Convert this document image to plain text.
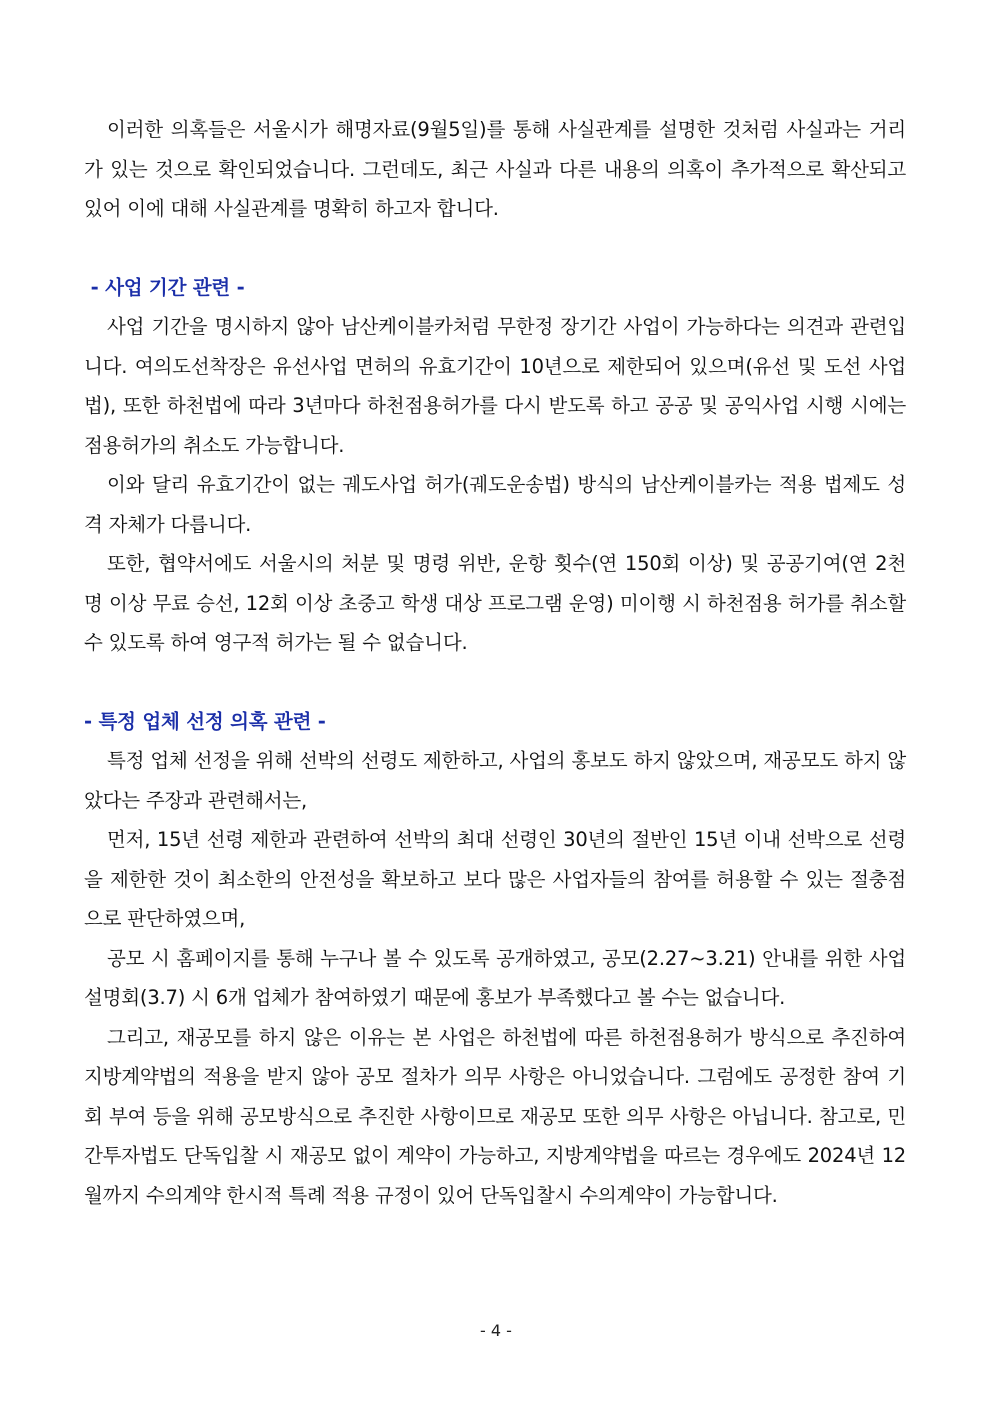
이러한 의혹들은 서울시가 해명자료(9월5일)를 통해 사실관계를 설명한 것처럼 사실과는 거리가 있는 것으로 확인되었습니다. 그런데도, 최근 사실과 다른 내용의 의혹이 추가적으로 확산되고 있어 이에 대해 사실관계를 명확히 하고자 합니다.

- 사업 기간 관련 -

사업 기간을 명시하지 않아 남산케이블카처럼 무한정 장기간 사업이 가능하다는 의견과 관련입니다. 여의도선착장은 유선사업 면허의 유효기간이 10년으로 제한되어 있으며(유선 및 도선 사업법), 또한 하천법에 따라 3년마다 하천점용허가를 다시 받도록 하고 공공 및 공익사업 시행 시에는 점용허가의 취소도 가능합니다.

이와 달리 유효기간이 없는 궤도사업 허가(궤도운송법) 방식의 남산케이블카는 적용 법제도 성격 자체가 다릅니다.

또한, 협약서에도 서울시의 처분 및 명령 위반, 운항 횟수(연 150회 이상) 및 공공기여(연 2천 명 이상 무료 승선, 12회 이상 초중고 학생 대상 프로그램 운영) 미이행 시 하천점용 허가를 취소할 수 있도록 하여 영구적 허가는 될 수 없습니다.

- 특정 업체 선정 의혹 관련 -

특정 업체 선정을 위해 선박의 선령도 제한하고, 사업의 홍보도 하지 않았으며, 재공모도 하지 않았다는 주장과 관련해서는,

먼저, 15년 선령 제한과 관련하여 선박의 최대 선령인 30년의 절반인 15년 이내 선박으로 선령을 제한한 것이 최소한의 안전성을 확보하고 보다 많은 사업자들의 참여를 허용할 수 있는 절충점으로 판단하였으며,

공모 시 홈페이지를 통해 누구나 볼 수 있도록 공개하였고, 공모(2.27~3.21) 안내를 위한 사업설명회(3.7) 시 6개 업체가 참여하였기 때문에 홍보가 부족했다고 볼 수는 없습니다.

그리고, 재공모를 하지 않은 이유는 본 사업은 하천법에 따른 하천점용허가 방식으로 추진하여 지방계약법의 적용을 받지 않아 공모 절차가 의무 사항은 아니었습니다. 그럼에도 공정한 참여 기회 부여 등을 위해 공모방식으로 추진한 사항이므로 재공모 또한 의무 사항은 아닙니다. 참고로, 민간투자법도 단독입찰 시 재공모 없이 계약이 가능하고, 지방계약법을 따르는 경우에도 2024년 12월까지 수의계약 한시적 특례 적용 규정이 있어 단독입찰시 수의계약이 가능합니다.

- 4 -
